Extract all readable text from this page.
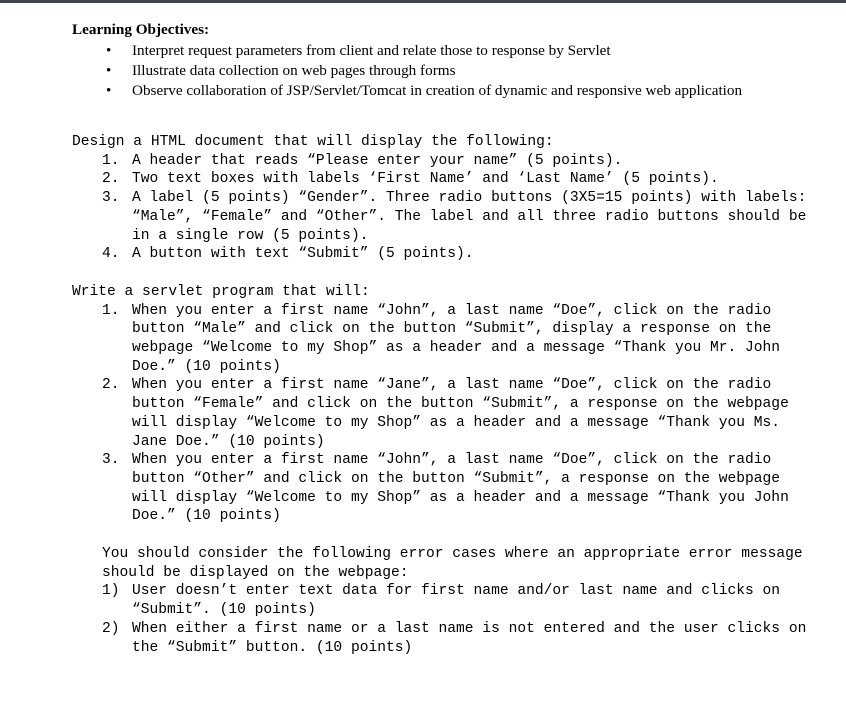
Learning Objectives:
• Interpret request parameters from client and relate those to response by Servlet
• Illustrate data collection on web pages through forms
• Observe collaboration of JSP/Servlet/Tomcat in creation of dynamic and responsive web application

Design a HTML document that will display the following:

1. A header that reads “Please enter your name” (5 points).
2. Two text boxes with labels ‘First Name’ and ‘Last Name’ (5 points).
3. A label (5 points) “Gender”. Three radio buttons (3X5=15 points) with labels: “Male”, “Female” and “Other”. The label and all three radio buttons should be in a single row (5 points).
4. A button with text “Submit” (5 points).

Write a servlet program that will:

1. When you enter a first name “John”, a last name “Doe”, click on the radio button “Male” and click on the button “Submit”, display a response on the webpage “Welcome to my Shop” as a header and a message “Thank you Mr. John Doe.” (10 points)
2. When you enter a first name “Jane”, a last name “Doe”, click on the radio button “Female” and click on the button “Submit”, a response on the webpage will display “Welcome to my Shop” as a header and a message “Thank you Ms. Jane Doe.” (10 points)
3. When you enter a first name “John”, a last name “Doe”, click on the radio button “Other” and click on the button “Submit”, a response on the webpage will display “Welcome to my Shop” as a header and a message “Thank you John Doe.” (10 points)

You should consider the following error cases where an appropriate error message should be displayed on the webpage:

1) User doesn’t enter text data for first name and/or last name and clicks on “Submit”. (10 points)
2) When either a first name or a last name is not entered and the user clicks on the “Submit” button. (10 points)
